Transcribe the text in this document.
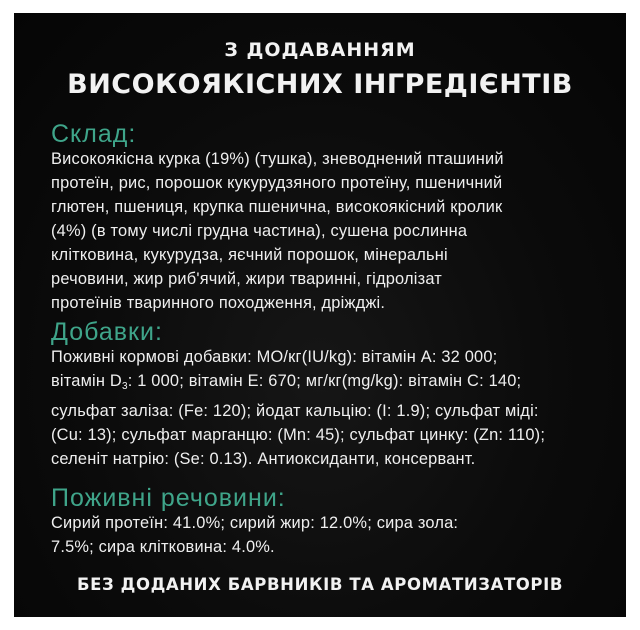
З ДОДАВАННЯМ
ВИСОКОЯКІСНИХ ІНГРЕДІЄНТІВ
Склад:

Високоякісна курка (19%) (тушка), зневоднений пташиний
протеїн, рис, порошок кукурудзяного протеїну, пшеничний
глютен, пшениця, крупка пшенична, високоякісний кролик
(4%) (в тому числі грудна частина), сушена рослинна
клітковина, кукурудза, яєчний порошок, мінеральні
речовини, жир риб'ячий, жири тваринні, гідролізат
протеїнів тваринного походження, дріжджі.

Добавки:

Поживні кормові добавки: МО/кг(IU/kg): вітамін А: 32 000;
вітамін $D_3$: 1 000; вітамін Е: 670; мг/кг(mg/kg): вітамін С: 140;
сульфат заліза: (Fe: 120); йодат кальцію: (I: 1.9); сульфат міді:
(Cu: 13); сульфат марганцю: (Mn: 45); сульфат цинку: (Zn: 110);
селеніт натрію: (Se: 0.13). Антиоксиданти, консервант.

Поживні речовини:

Сирий протеїн: 41.0%; сирий жир: 12.0%; сира зола:
7.5%; сира клітковина: 4.0%.

БЕЗ ДОДАНИХ БАРВНИКІВ ТА АРОМАТИЗАТОРІВ
